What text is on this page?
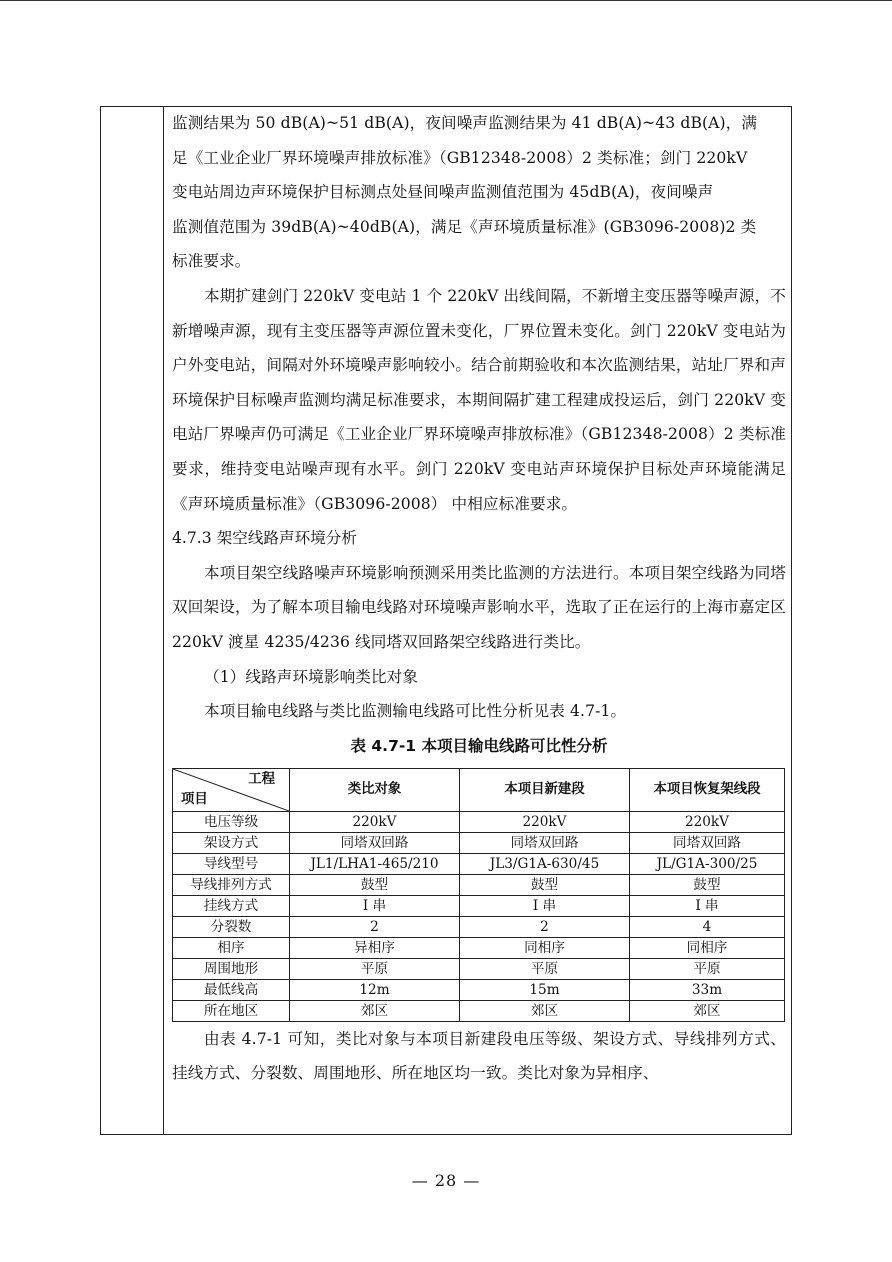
监测结果为 50 dB(A)~51 dB(A)，夜间噪声监测结果为 41 dB(A)~43 dB(A)，满
足《工业企业厂界环境噪声排放标准》（GB12348-2008）2 类标准；剑门 220kV
变电站周边声环境保护目标测点处昼间噪声监测值范围为 45dB(A)，夜间噪声
监测值范围为 39dB(A)~40dB(A)，满足《声环境质量标准》(GB3096-2008)2 类
标准要求。

本期扩建剑门 220kV 变电站 1 个 220kV 出线间隔，不新增主变压器等噪声源，不新增噪声源，现有主变压器等声源位置未变化，厂界位置未变化。剑门 220kV 变电站为户外变电站，间隔对外环境噪声影响较小。结合前期验收和本次监测结果，站址厂界和声环境保护目标噪声监测均满足标准要求，本期间隔扩建工程建成投运后，剑门 220kV 变电站厂界噪声仍可满足《工业企业厂界环境噪声排放标准》（GB12348-2008）2 类标准要求，维持变电站噪声现有水平。剑门 220kV 变电站声环境保护目标处声环境能满足《声环境质量标准》（GB3096-2008） 中相应标准要求。

4.7.3 架空线路声环境分析

本项目架空线路噪声环境影响预测采用类比监测的方法进行。本项目架空线路为同塔双回架设，为了解本项目输电线路对环境噪声影响水平，选取了正在运行的上海市嘉定区 220kV 渡星 4235/4236 线同塔双回路架空线路进行类比。

（1）线路声环境影响类比对象

本项目输电线路与类比监测输电线路可比性分析见表 4.7-1。

表 4.7-1 本项目输电线路可比性分析
工程
项目	类比对象	本项目新建段	本项目恢复架线段
电压等级	220kV	220kV	220kV
架设方式	同塔双回路	同塔双回路	同塔双回路
导线型号	JL1/LHA1-465/210	JL3/G1A-630/45	JL/G1A-300/25
导线排列方式	鼓型	鼓型	鼓型
挂线方式	I 串	I 串	I 串
分裂数	2	2	4
相序	异相序	同相序	同相序
周围地形	平原	平原	平原
最低线高	12m	15m	33m
所在地区	郊区	郊区	郊区

由表 4.7-1 可知，类比对象与本项目新建段电压等级、架设方式、导线排列方式、挂线方式、分裂数、周围地形、所在地区均一致。类比对象为异相序、

— 28 —
